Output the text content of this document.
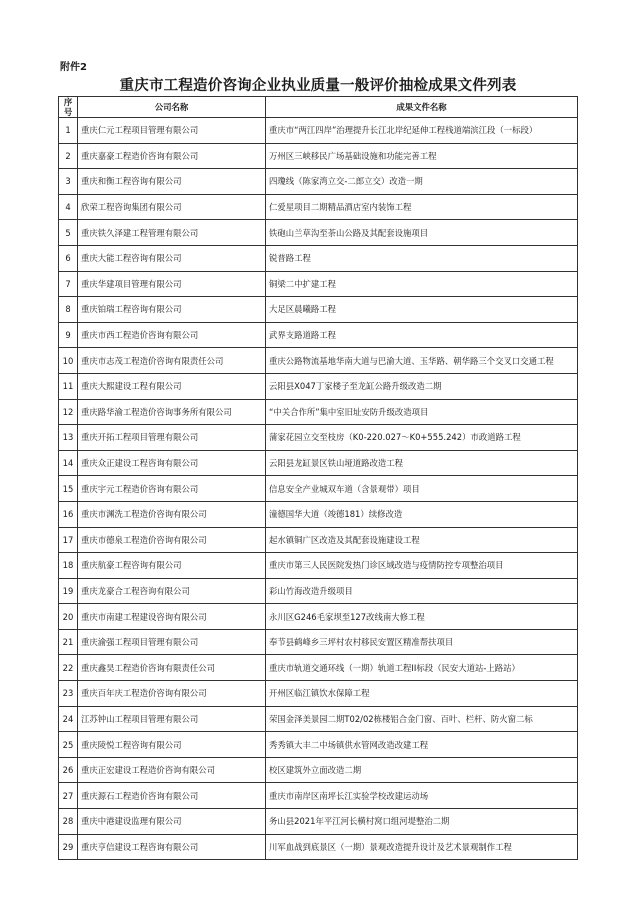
附件2
重庆市工程造价咨询企业执业质量一般评价抽检成果文件列表
序号	公司名称	成果文件名称
1	重庆仁元工程项目管理有限公司	重庆市“两江四岸”治理提升长江北岸纪延伸工程栈道端滨江段（一标段）
2	重庆嘉豪工程造价咨询有限公司	万州区三峡移民广场基础设施和功能完善工程
3	重庆和衡工程咨询有限公司	四瓊线（陈家湾立交-二郎立交）改造一期
4	欣荣工程咨询集团有限公司	仁爱星项目二期精品酒店室内装饰工程
5	重庆铁久泽建工程管理有限公司	铁砲山兰草沟至荼山公路及其配套设施项目
6	重庆大能工程咨询有限公司	锐普路工程
7	重庆华建项目管理有限公司	铜梁二中扩建工程
8	重庆铂瑞工程咨询有限公司	大足区晨曦路工程
9	重庆市西工程造价咨询有限公司	武界支路道路工程
10	重庆市志茂工程造价咨询有限责任公司	重庆公路物流基地华南大道与巴渝大道、玉华路、朝华路三个交叉口交通工程
11	重庆大熙建设工程有限公司	云阳县X047丁家楼子至龙缸公路升级改造二期
12	重庆路华渝工程造价咨询事务所有限公司	“中关合作所”集中室旧址安防升级改造项目
13	重庆开拓工程项目管理有限公司	蒲家花园立交至枝房（K0-220.027～K0+555.242）市政道路工程
14	重庆众正建设工程咨询有限公司	云阳县龙缸景区铁山垭道路改造工程
15	重庆宇元工程造价咨询有限公司	信息安全产业城双车道（含景观带）项目
16	重庆市渊洗工程造价咨询有限公司	潼德国华大道（竣德181）续修改造
17	重庆市德泉工程造价咨询有限公司	起水镇铜广区改造及其配套设施建设工程
18	重庆航豪工程咨询有限公司	重庆市第三人民医院发热门诊区域改造与疫情防控专项整治项目
19	重庆龙豪合工程咨询有限公司	彩山竹海改造升级项目
20	重庆市南建工程建设咨询有限公司	永川区G246毛家坝至127改线南大修工程
21	重庆渝强工程项目管理有限公司	奉节县鹤峰乡三坪村农村移民安置区精准帮扶项目
22	重庆鑫昊工程造价咨询有限责任公司	重庆市轨道交通环线（一期）轨道工程II标段（民安大道站-上路站）
23	重庆百年庆工程造价咨询有限公司	开州区临江镇饮水保障工程
24	江苏钟山工程项目管理有限公司	荣国金泽美景园二期T02/02栋楼铝合金门窗、百叶、栏杆、防火窗二标
25	重庆陵悦工程咨询有限公司	秀秀镇大丰二中场镇供水管网改造改建工程
26	重庆正宏建设工程造价咨询有限公司	校区建筑外立面改造二期
27	重庆源石工程造价咨询有限公司	重庆市南岸区南坪长江实验学校改建运动场
28	重庆中港建设监理有限公司	务山县2021年平江河长横村窝口组河堤整治二期
29	重庆亨信建设工程咨询有限公司	川军血战到底景区（一期）景观改造提升设计及艺术景观制作工程
